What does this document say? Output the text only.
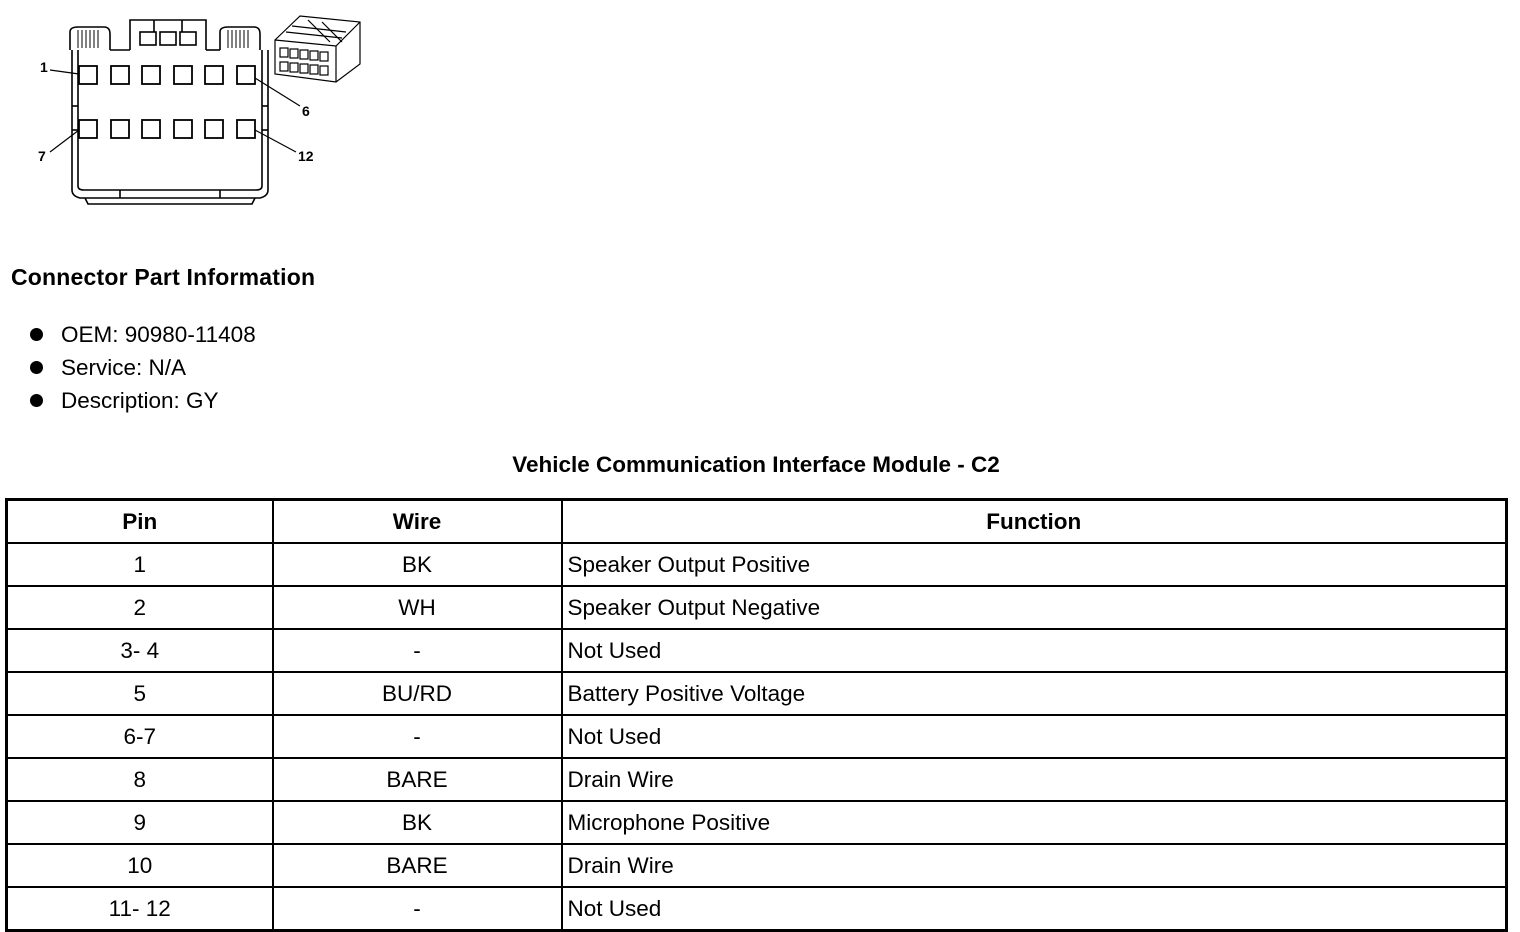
1
6
7	12
Connector Part Information
OEM: 90980-11408
Service: N/A
Description: GY
Vehicle Communication Interface Module - C2
Pin	Wire	Function
1	BK	Speaker Output Positive
2	WH	Speaker Output Negative
3- 4	-	Not Used
5	BU/RD	Battery Positive Voltage
6-7	-	Not Used
8	BARE	Drain Wire
9	BK	Microphone Positive
10	BARE	Drain Wire
11- 12	-	Not Used
